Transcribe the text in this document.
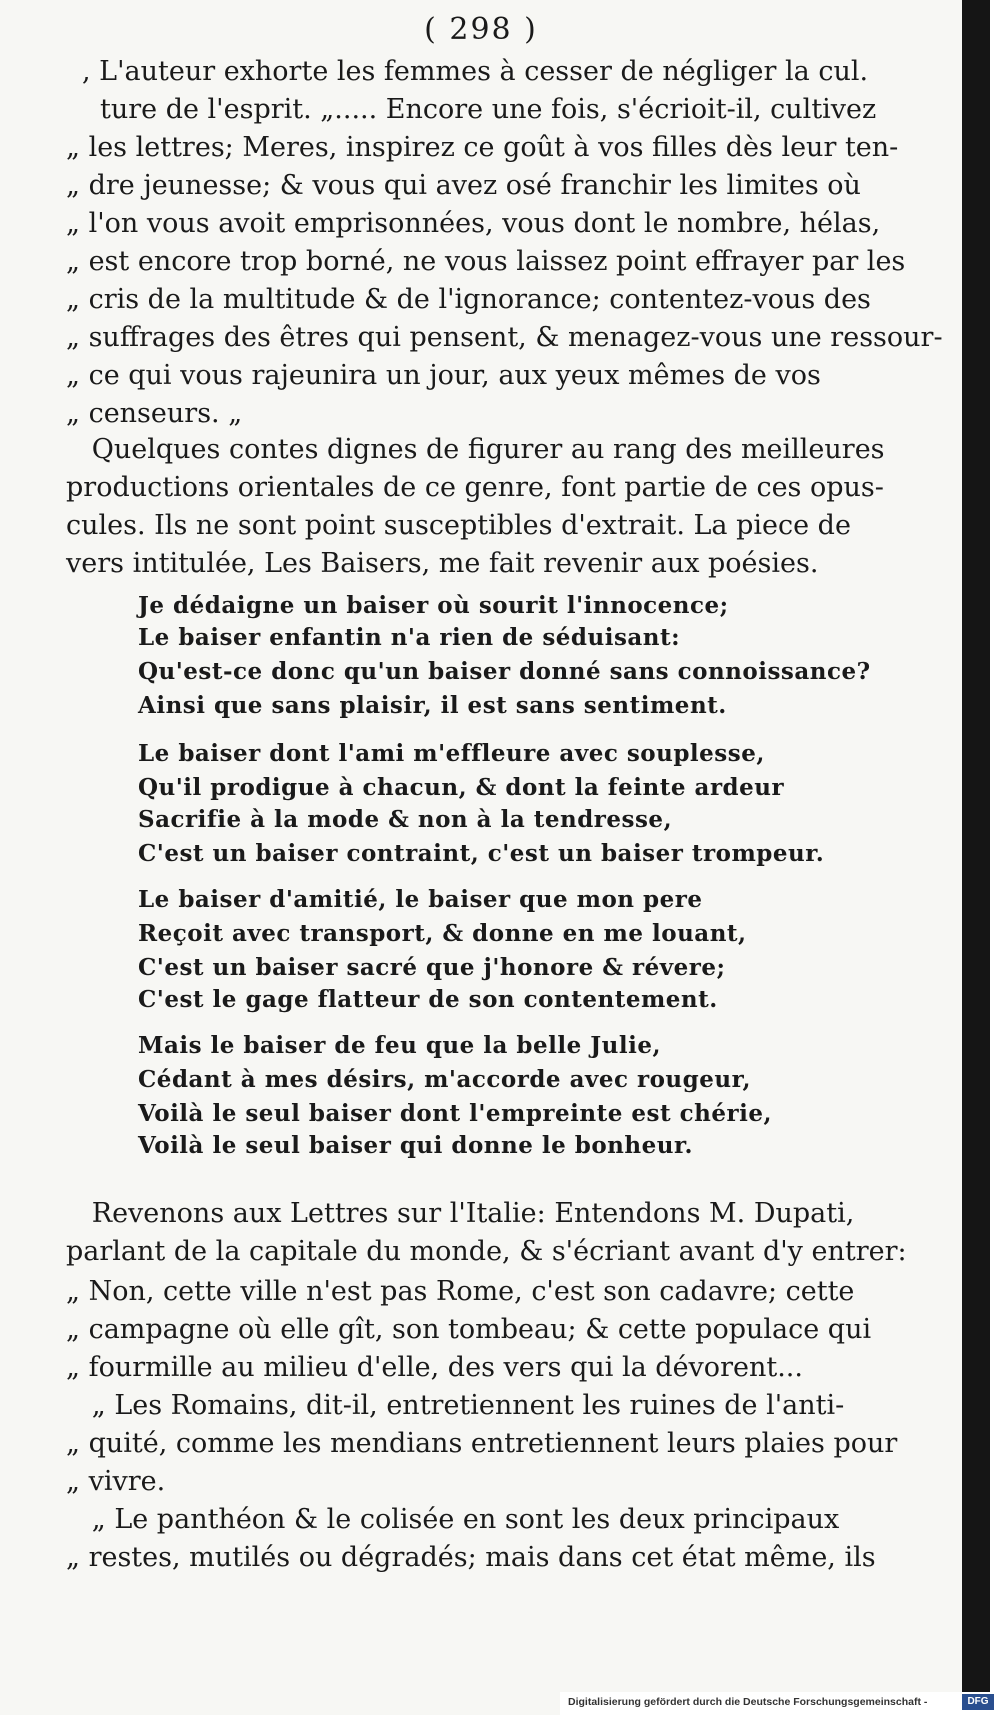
( 298 )
, L'auteur exhorte les femmes à cesser de négliger la cul.
ture de l'esprit. „..... Encore une fois, s'écrioit-il, cultivez
„ les lettres; Meres, inspirez ce goût à vos filles dès leur ten-
„ dre jeunesse; & vous qui avez osé franchir les limites où
„ l'on vous avoit emprisonnées, vous dont le nombre, hélas,
„ est encore trop borné, ne vous laissez point effrayer par les
„ cris de la multitude & de l'ignorance; contentez-vous des
„ suffrages des êtres qui pensent, & menagez-vous une ressour-
„ ce qui vous rajeunira un jour, aux yeux mêmes de vos
„ censeurs. „
Quelques contes dignes de figurer au rang des meilleures
productions orientales de ce genre, font partie de ces opus-
cules. Ils ne sont point susceptibles d'extrait. La piece de
vers intitulée, Les Baisers, me fait revenir aux poésies.
Je dédaigne un baiser où sourit l'innocence;
Le baiser enfantin n'a rien de séduisant:
Qu'est-ce donc qu'un baiser donné sans connoissance?
Ainsi que sans plaisir, il est sans sentiment.
Le baiser dont l'ami m'effleure avec souplesse,
Qu'il prodigue à chacun, & dont la feinte ardeur
Sacrifie à la mode & non à la tendresse,
C'est un baiser contraint, c'est un baiser trompeur.
Le baiser d'amitié, le baiser que mon pere
Reçoit avec transport, & donne en me louant,
C'est un baiser sacré que j'honore & révere;
C'est le gage flatteur de son contentement.
Mais le baiser de feu que la belle Julie,
Cédant à mes désirs, m'accorde avec rougeur,
Voilà le seul baiser dont l'empreinte est chérie,
Voilà le seul baiser qui donne le bonheur.
Revenons aux Lettres sur l'Italie: Entendons M. Dupati,
parlant de la capitale du monde, & s'écriant avant d'y entrer:
„ Non, cette ville n'est pas Rome, c'est son cadavre; cette
„ campagne où elle gît, son tombeau; & cette populace qui
„ fourmille au milieu d'elle, des vers qui la dévorent...
„ Les Romains, dit-il, entretiennent les ruines de l'anti-
„ quité, comme les mendians entretiennent leurs plaies pour
„ vivre.
„ Le panthéon & le colisée en sont les deux principaux
„ restes, mutilés ou dégradés; mais dans cet état même, ils
Digitalisierung gefördert durch die Deutsche Forschungsgemeinschaft -	DFG
